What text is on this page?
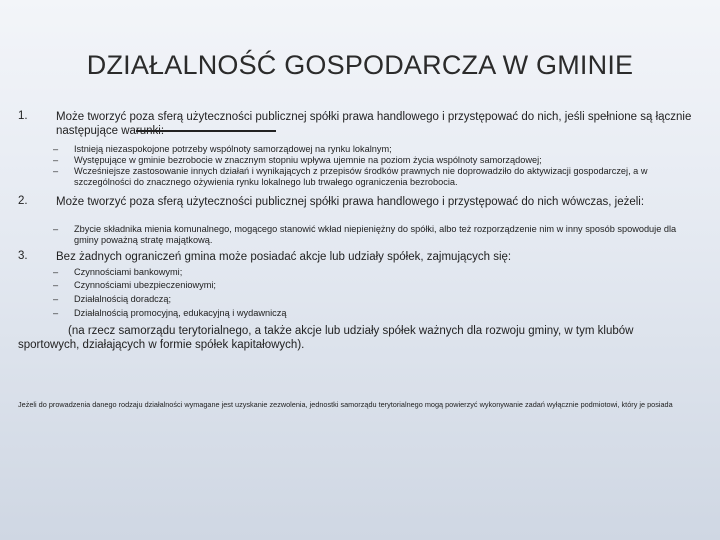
DZIAŁALNOŚĆ GOSPODARCZA W GMINIE
1. Może tworzyć poza sferą użyteczności publicznej spółki prawa handlowego i przystępować do nich, jeśli spełnione są łącznie następujące warunki:
– Istnieją niezaspokojone potrzeby wspólnoty samorządowej na rynku lokalnym;
– Występujące w gminie bezrobocie w znacznym stopniu wpływa ujemnie na poziom życia wspólnoty samorządowej;
– Wcześniejsze zastosowanie innych działań i wynikających z przepisów środków prawnych nie doprowadziło do aktywizacji gospodarczej, a w szczególności do znacznego ożywienia rynku lokalnego lub trwałego ograniczenia bezrobocia.
2. Może tworzyć poza sferą użyteczności publicznej spółki prawa handlowego i przystępować do nich wówczas, jeżeli:
– Zbycie składnika mienia komunalnego, mogącego stanowić wkład niepieniężny do spółki, albo też rozporządzenie nim w inny sposób spowoduje dla gminy poważną stratę majątkową.
3. Bez żadnych ograniczeń gmina może posiadać akcje lub udziały spółek, zajmujących się:
– Czynnościami bankowymi;
– Czynnościami ubezpieczeniowymi;
– Działalnością doradczą;
– Działalnością promocyjną, edukacyjną i wydawniczą
(na rzecz samorządu terytorialnego, a także akcje lub udziały spółek ważnych dla rozwoju gminy, w tym klubów sportowych, działających w formie spółek kapitałowych).
Jeżeli do prowadzenia danego rodzaju działalności wymagane jest uzyskanie zezwolenia, jednostki samorządu terytorialnego mogą powierzyć wykonywanie zadań wyłącznie podmiotowi, który je posiada
